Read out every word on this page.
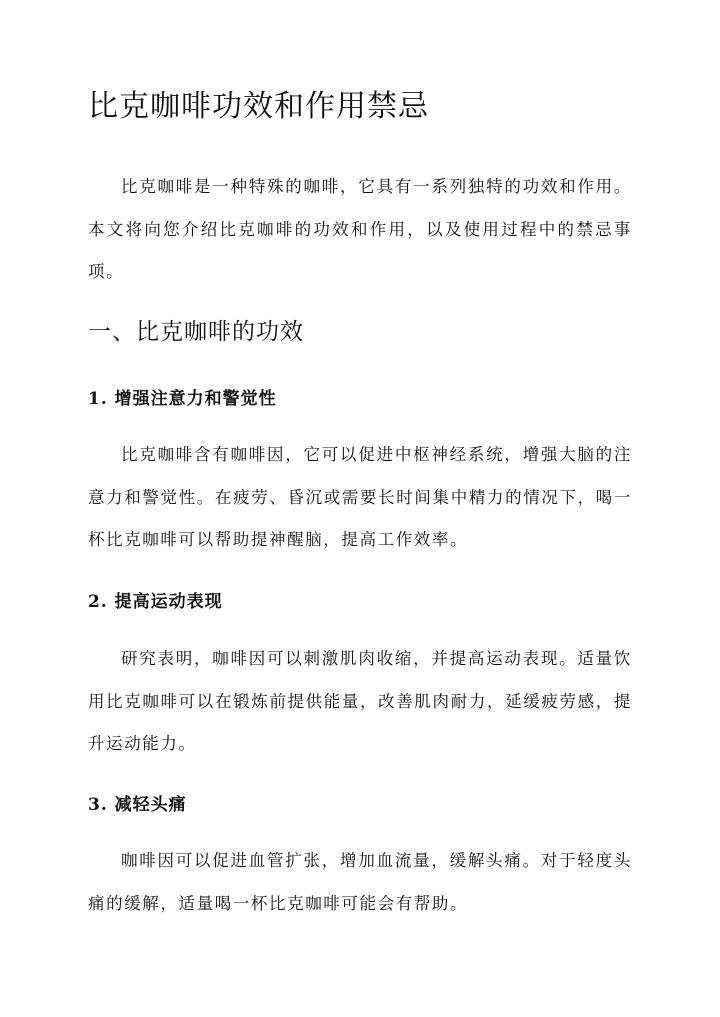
比克咖啡功效和作用禁忌

比克咖啡是一种特殊的咖啡，它具有一系列独特的功效和作用。本文将向您介绍比克咖啡的功效和作用，以及使用过程中的禁忌事项。

一、比克咖啡的功效
1. 增强注意力和警觉性

比克咖啡含有咖啡因，它可以促进中枢神经系统，增强大脑的注意力和警觉性。在疲劳、昏沉或需要长时间集中精力的情况下，喝一杯比克咖啡可以帮助提神醒脑，提高工作效率。

2. 提高运动表现

研究表明，咖啡因可以刺激肌肉收缩，并提高运动表现。适量饮用比克咖啡可以在锻炼前提供能量，改善肌肉耐力，延缓疲劳感，提升运动能力。

3. 减轻头痛

咖啡因可以促进血管扩张，增加血流量，缓解头痛。对于轻度头痛的缓解，适量喝一杯比克咖啡可能会有帮助。
